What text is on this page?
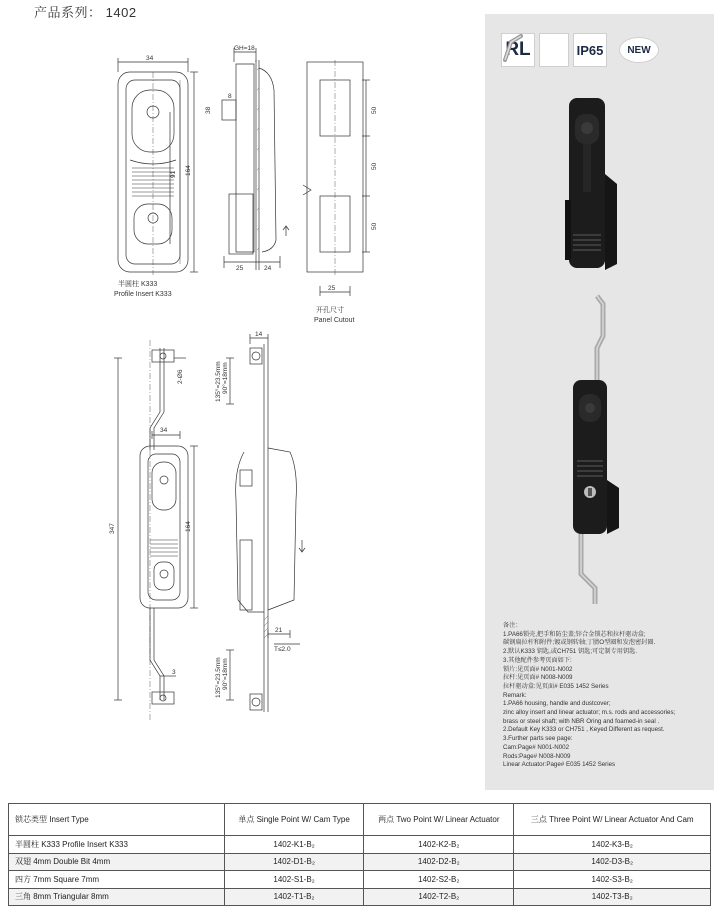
产品系列： 1402
34
GH=18
38
8
91 164
25	24
50
50
50
25
半圆柱 K333
Profile Insert K333
开孔尺寸
Panel Cutout
14
34
2-Ø6
347	164
135°=23.5mm 90°=18mm
21
T≤2.0
3	135°=23.5mm 90°=18mm
RL	IP65	NEW
备注：
1.PA66锁壳,把手和防尘盖;锌合金锁芯和拉杆驱动盒;
碳钢扁拉杆和附件;镀或钢转轴;丁腈O型圈和发泡密封圈.
2.默认K333 钥匙,或CH751 钥匙;可定制专用钥匙.
3.其他配件参考页面如下:
锁片:见页面# N001-N002
拉杆:见页面# N008-N009
拉杆驱动盒:见页面# E035 1452 Series
Remark:
1.PA66 housing, handle and dustcover;
zinc alloy insert and linear actuator; m.s. rods and accessories;
brass or steel shaft; with NBR Oring and foamed-in seal .
2.Default Key K333 or CH751 , Keyed Different as request.
3.Further parts see page:
Cam:Page# N001-N002
Rods:Page# N008-N009
Linear Actuator:Page# E035 1452 Series
锁芯类型 Insert Type	单点 Single Point W/ Cam Type	两点 Two Point W/ Linear Actuator	三点 Three Point W/ Linear Actuator And Cam
半圆柱 K333 Profile Insert K333	1402-K1-B₂	1402-K2-B₂	1402-K3-B₂
双翅 4mm Double Bit 4mm	1402-D1-B₂	1402-D2-B₂	1402-D3-B₂
四方 7mm Square 7mm	1402-S1-B₂	1402-S2-B₂	1402-S3-B₂
三角 8mm Triangular 8mm	1402-T1-B₂	1402-T2-B₂	1402-T3-B₂
